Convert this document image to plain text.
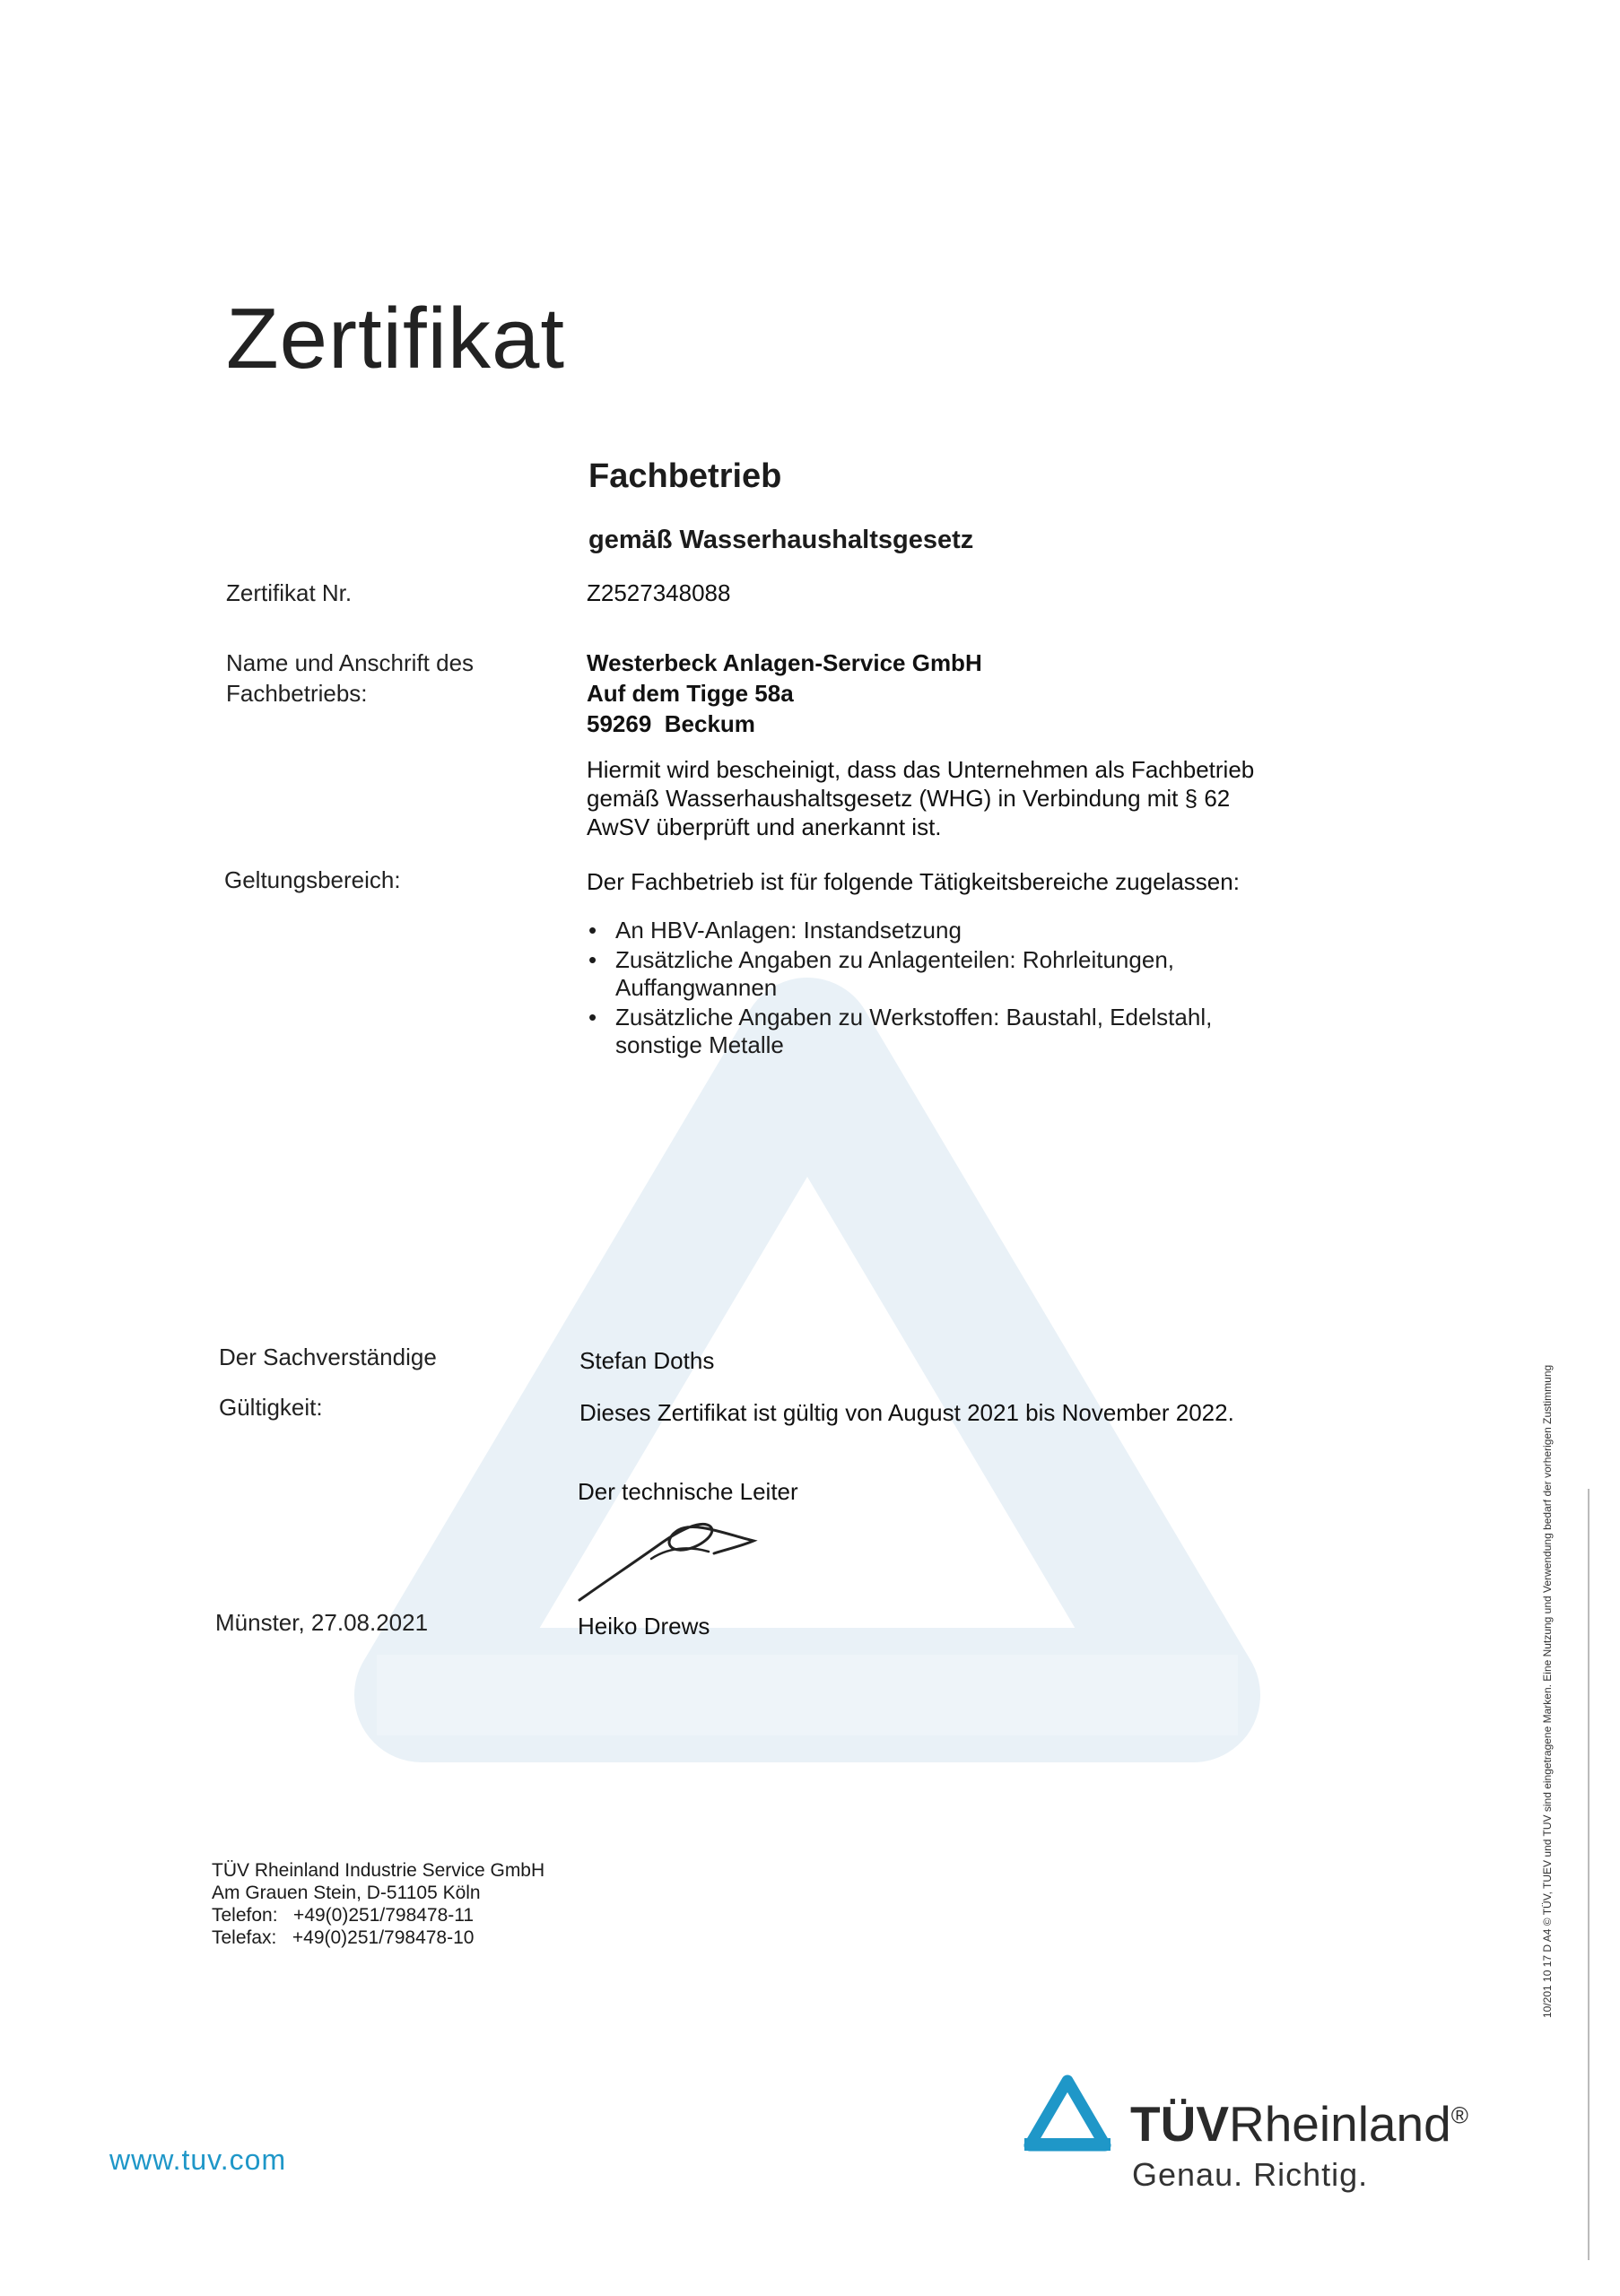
Zertifikat
Fachbetrieb
gemäß Wasserhaushaltsgesetz
Zertifikat Nr.	Z2527348088
Name und Anschrift des
Fachbetriebs:
Westerbeck Anlagen-Service GmbH
Auf dem Tigge 58a
59269  Beckum
Hiermit wird bescheinigt, dass das Unternehmen als Fachbetrieb
gemäß Wasserhaushaltsgesetz (WHG) in Verbindung mit § 62
AwSV überprüft und anerkannt ist.
Geltungsbereich:	Der Fachbetrieb ist für folgende Tätigkeitsbereiche zugelassen:
• An HBV-Anlagen: Instandsetzung
• Zusätzliche Angaben zu Anlagenteilen: Rohrleitungen,
Auffangwannen
• Zusätzliche Angaben zu Werkstoffen: Baustahl, Edelstahl,
sonstige Metalle
Der Sachverständige	Stefan Doths
Gültigkeit:	Dieses Zertifikat ist gültig von August 2021 bis November 2022.
Der technische Leiter
Münster, 27.08.2021	Heiko Drews
TÜV Rheinland Industrie Service GmbH
Am Grauen Stein, D-51105 Köln
Telefon:   +49(0)251/798478-11
Telefax:   +49(0)251/798478-10	10/201 10 17 D A4 © TÜV, TUEV und TUV sind eingetragene Marken. Eine Nutzung und Verwendung bedarf der vorherigen Zustimmung
www.tuv.com
TÜVRheinland®
Genau. Richtig.
